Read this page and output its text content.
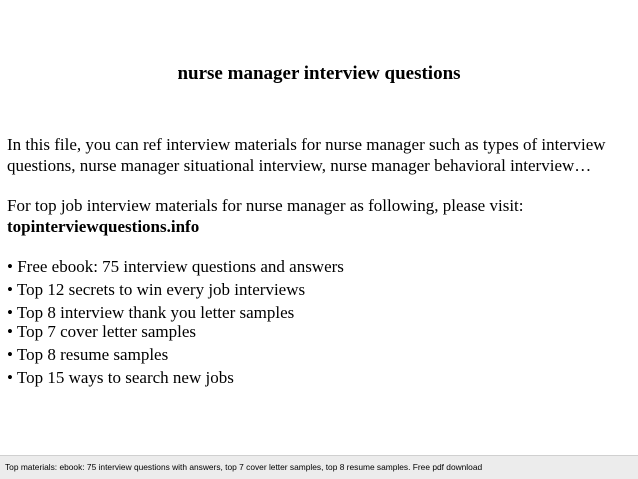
nurse manager interview questions
In this file, you can ref interview materials for nurse manager such as types of interview
questions, nurse manager situational interview, nurse manager behavioral interview…
For top job interview materials for nurse manager as following, please visit:
topinterviewquestions.info
• Free ebook: 75 interview questions and answers
• Top 12 secrets to win every job interviews
• Top 8 interview thank you letter samples
• Top 7 cover letter samples
• Top 8 resume samples
• Top 15 ways to search new jobs
Top materials: ebook: 75 interview questions with answers, top 7 cover letter samples, top 8 resume samples. Free pdf download
